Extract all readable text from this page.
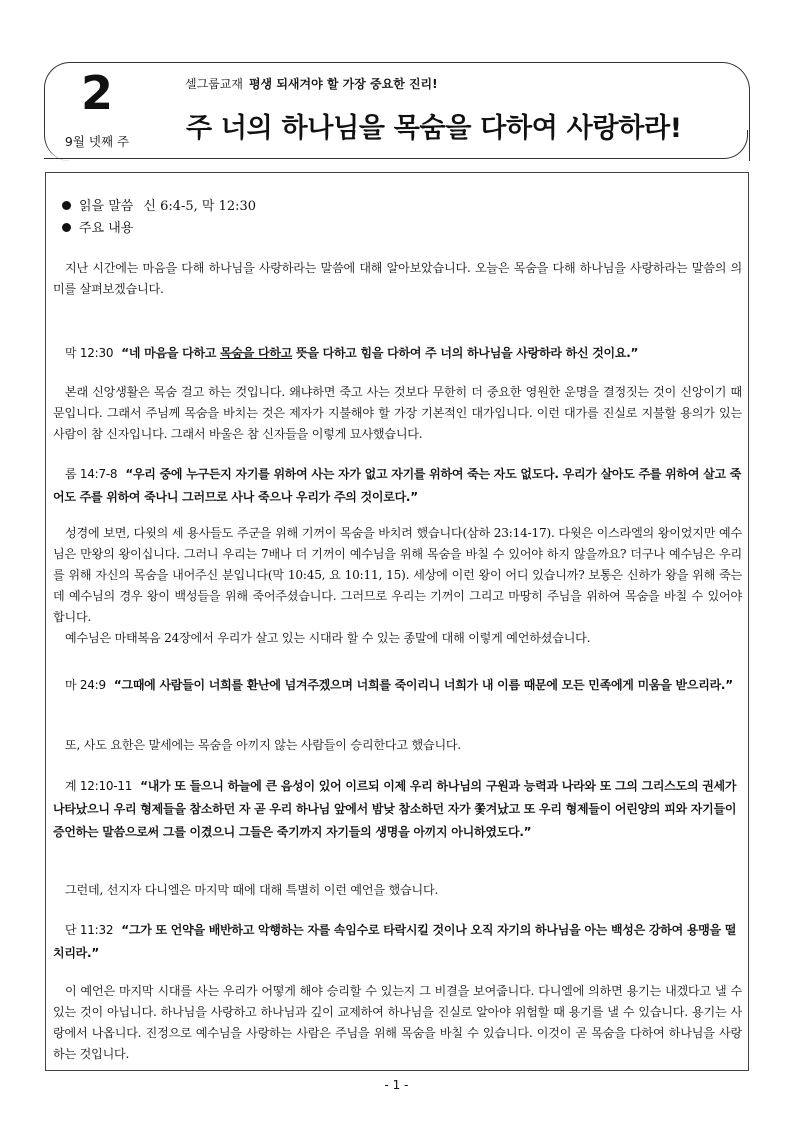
2
9월 넷째 주
셀그룹교재 평생 되새겨야 할 가장 중요한 진리!
주 너의 하나님을 목숨을 다하여 사랑하라!
읽을 말씀 신 6:4-5, 막 12:30
주요 내용

지난 시간에는 마음을 다해 하나님을 사랑하라는 말씀에 대해 알아보았습니다. 오늘은 목숨을 다해 하나님을 사랑하라는 말씀의 의미를 살펴보겠습니다.

막 12:30 “네 마음을 다하고 목숨을 다하고 뜻을 다하고 힘을 다하여 주 너의 하나님을 사랑하라 하신 것이요.”

본래 신앙생활은 목숨 걸고 하는 것입니다. 왜냐하면 죽고 사는 것보다 무한히 더 중요한 영원한 운명을 결정짓는 것이 신앙이기 때문입니다. 그래서 주님께 목숨을 바치는 것은 제자가 지불해야 할 가장 기본적인 대가입니다. 이런 대가를 진실로 지불할 용의가 있는 사람이 참 신자입니다. 그래서 바울은 참 신자들을 이렇게 묘사했습니다.

롬 14:7-8 “우리 중에 누구든지 자기를 위하여 사는 자가 없고 자기를 위하여 죽는 자도 없도다. 우리가 살아도 주를 위하여 살고 죽어도 주를 위하여 죽나니 그러므로 사나 죽으나 우리가 주의 것이로다.”

성경에 보면, 다윗의 세 용사들도 주군을 위해 기꺼이 목숨을 바치려 했습니다(삼하 23:14-17). 다윗은 이스라엘의 왕이었지만 예수님은 만왕의 왕이십니다. 그러니 우리는 7배나 더 기꺼이 예수님을 위해 목숨을 바칠 수 있어야 하지 않을까요? 더구나 예수님은 우리를 위해 자신의 목숨을 내어주신 분입니다(막 10:45, 요 10:11, 15). 세상에 이런 왕이 어디 있습니까? 보통은 신하가 왕을 위해 죽는데 예수님의 경우 왕이 백성들을 위해 죽어주셨습니다. 그러므로 우리는 기꺼이 그리고 마땅히 주님을 위하여 목숨을 바칠 수 있어야 합니다.

예수님은 마태복음 24장에서 우리가 살고 있는 시대라 할 수 있는 종말에 대해 이렇게 예언하셨습니다.

마 24:9 “그때에 사람들이 너희를 환난에 넘겨주겠으며 너희를 죽이리니 너희가 내 이름 때문에 모든 민족에게 미움을 받으리라.”

또, 사도 요한은 말세에는 목숨을 아끼지 않는 사람들이 승리한다고 했습니다.

계 12:10-11 “내가 또 들으니 하늘에 큰 음성이 있어 이르되 이제 우리 하나님의 구원과 능력과 나라와 또 그의 그리스도의 권세가 나타났으니 우리 형제들을 참소하던 자 곧 우리 하나님 앞에서 밤낮 참소하던 자가 쫓겨났고 또 우리 형제들이 어린양의 피와 자기들이 증언하는 말씀으로써 그를 이겼으니 그들은 죽기까지 자기들의 생명을 아끼지 아니하였도다.”

그런데, 선지자 다니엘은 마지막 때에 대해 특별히 이런 예언을 했습니다.

단 11:32 “그가 또 언약을 배반하고 악행하는 자를 속임수로 타락시킬 것이나 오직 자기의 하나님을 아는 백성은 강하여 용맹을 떨치리라.”

이 예언은 마지막 시대를 사는 우리가 어떻게 해야 승리할 수 있는지 그 비결을 보여줍니다. 다니엘에 의하면 용기는 내겠다고 낼 수 있는 것이 아닙니다. 하나님을 사랑하고 하나님과 깊이 교제하여 하나님을 진실로 알아야 위험할 때 용기를 낼 수 있습니다. 용기는 사랑에서 나옵니다. 진정으로 예수님을 사랑하는 사람은 주님을 위해 목숨을 바칠 수 있습니다. 이것이 곧 목숨을 다하여 하나님을 사랑하는 것입니다.

- 1 -
